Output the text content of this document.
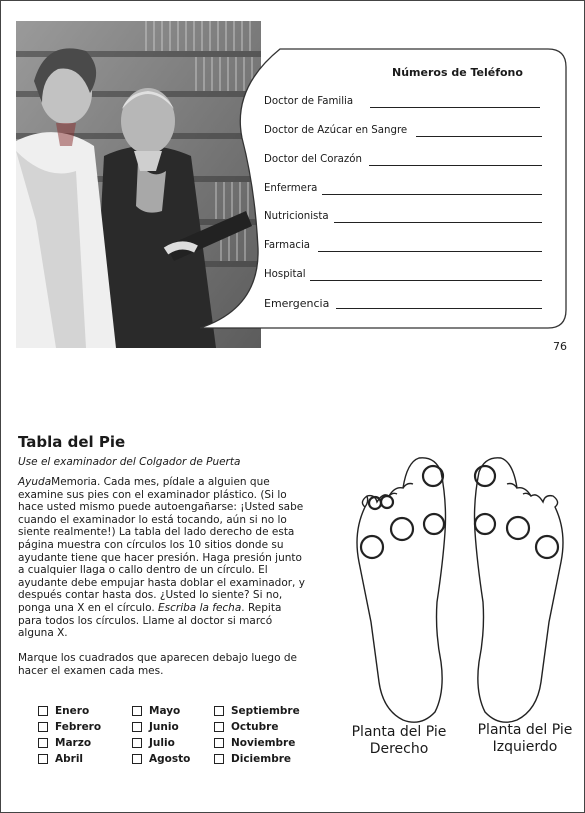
Números de Teléfono
Doctor de Familia
Doctor de Azúcar en Sangre
Doctor del Corazón
Enfermera
Nutricionista
Farmacia
Hospital
Emergencia
76
Tabla del Pie
Use el examinador del Colgador de Puerta

AyudaMemoria. Cada mes, pídale a alguien que examine sus pies con el examinador plástico. (Si lo hace usted mismo puede autoengañarse: ¡Usted sabe cuando el examinador lo está tocando, aún si no lo siente realmente!) La tabla del lado derecho de esta página muestra con círculos los 10 sitios donde su ayudante tiene que hacer presión. Haga presión junto a cualquier llaga o callo dentro de un círculo. El ayudante debe empujar hasta doblar el examinador, y después contar hasta dos. ¿Usted lo siente? Si no, ponga una X en el círculo. Escriba la fecha. Repita para todos los círculos. Llame al doctor si marcó alguna X.

Marque los cuadrados que aparecen debajo luego de hacer el examen cada mes.

Enero
Febrero
Marzo
Abril
Mayo
Junio
Julio
Agosto
Septiembre
Octubre
Noviembre
Diciembre
Planta del Pie Derecho
Planta del Pie Izquierdo
